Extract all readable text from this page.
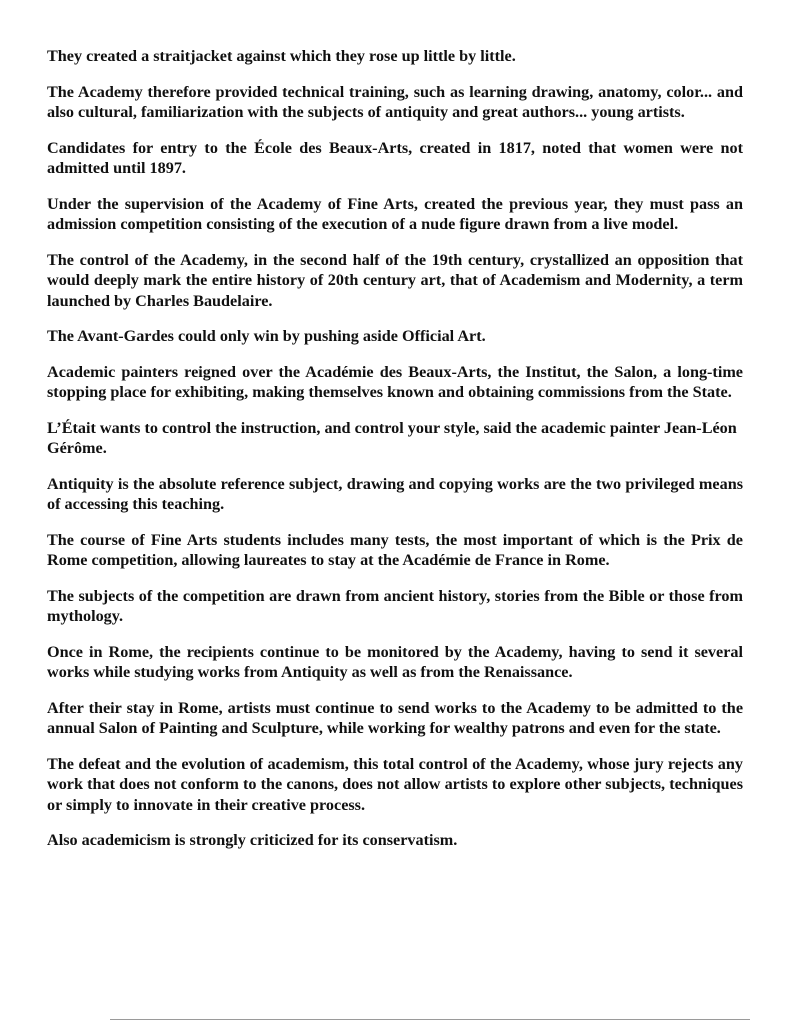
They created a straitjacket against which they rose up little by little.

The Academy therefore provided technical training, such as learning drawing, anatomy, color... and also cultural, familiarization with the subjects of antiquity and great authors... young artists.

Candidates for entry to the École des Beaux-Arts, created in 1817, noted that women were not admitted until 1897.

Under the supervision of the Academy of Fine Arts, created the previous year, they must pass an admission competition consisting of the execution of a nude figure drawn from a live model.

The control of the Academy, in the second half of the 19th century, crystallized an opposition that would deeply mark the entire history of 20th century art, that of Academism and Modernity, a term launched by Charles Baudelaire.

The Avant-Gardes could only win by pushing aside Official Art.

Academic painters reigned over the Académie des Beaux-Arts, the Institut, the Salon, a long-time stopping place for exhibiting, making themselves known and obtaining commissions from the State.

L’Était wants to control the instruction, and control your style, said the academic painter Jean-Léon Gérôme.

Antiquity is the absolute reference subject, drawing and copying works are the two privileged means of accessing this teaching.

The course of Fine Arts students includes many tests, the most important of which is the Prix de Rome competition, allowing laureates to stay at the Académie de France in Rome.

The subjects of the competition are drawn from ancient history, stories from the Bible or those from mythology.

Once in Rome, the recipients continue to be monitored by the Academy, having to send it several works while studying works from Antiquity as well as from the Renaissance.

After their stay in Rome, artists must continue to send works to the Academy to be admitted to the annual Salon of Painting and Sculpture, while working for wealthy patrons and even for the state.

The defeat and the evolution of academism, this total control of the Academy, whose jury rejects any work that does not conform to the canons, does not allow artists to explore other subjects, techniques or simply to innovate in their creative process.

Also academicism is strongly criticized for its conservatism.
